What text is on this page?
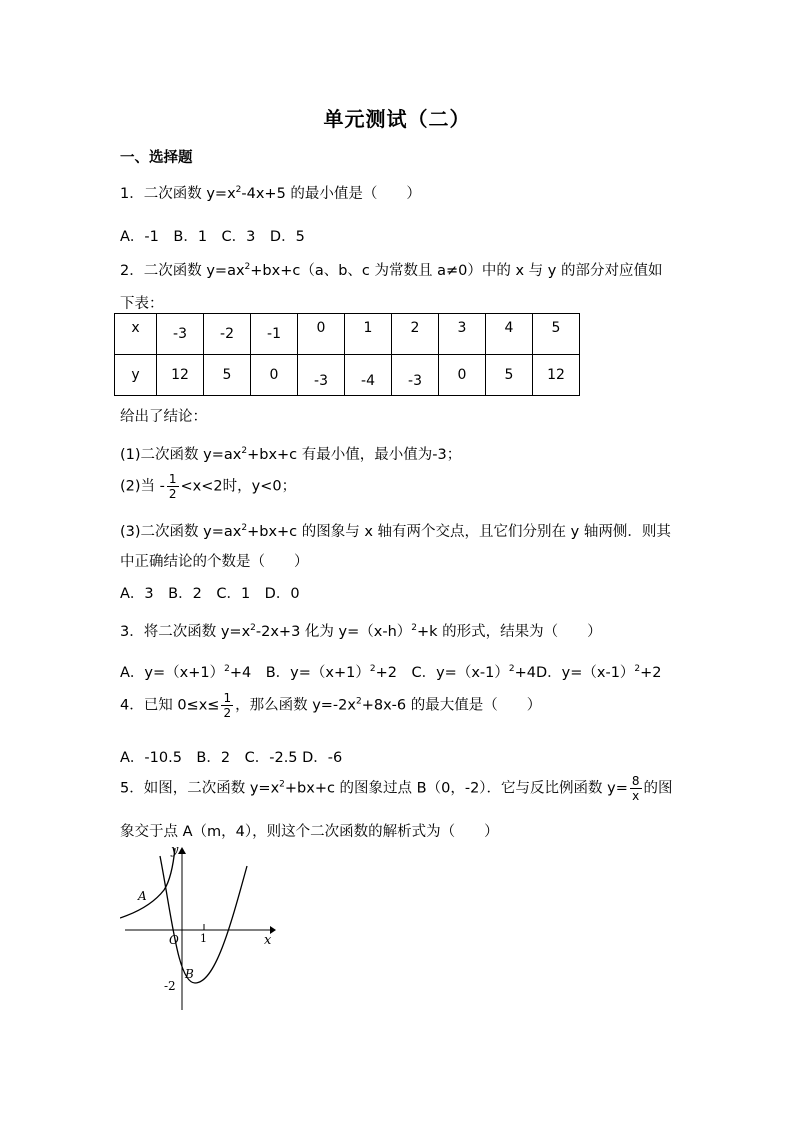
单元测试（二）
一、选择题
1．二次函数 $y=x^2-4x+5$ 的最小值是（　　）
A．-1　B．1　C．3　D．5
2．二次函数 $y=ax^2+bx+c(a$、b、c 为常数且 a≠0）中的 x 与 y 的部分对应值如
下表：
x	-3	-2	-1	0	1	2	3	4	5
y	12	5	0	-3	-4	-3	0	5	12
给出了结论：
(1)二次函数 $y=ax^2+bx+c$ 有最小值，最小值为-3；
(2)当 - $\frac{1}{2} <x<2$时，y<0；
(3)二次函数 $y=ax^2+bx+c$ 的图象与 x 轴有两个交点，且它们分别在 y 轴两侧．则其
中正确结论的个数是（　　）
A．3　B．2　C．1　D．0
3．将二次函数 $y=x^2-2x+3$ 化为 $y=(x-h)^2+k$ 的形式，结果为（　　）
A．$y=(x+1)^2+4$　B．$y=(x+1)^2+2$　C．$y=(x-1)^2+4D$．$y=(x-1)^2+2$
4．已知 $0\le x\le \frac{1}{2}$ ，那么函数 $y=-2x^2+8x-6$ 的最大值是（　　）
A．-10.5　B．2　C．-2.5 D．-6
5．如图，二次函数 $y=x^2+bx+c$ 的图象过点 B（0，-2）．它与反比例函数 $y= \frac{8}{x}$ 的图
象交于点 A（m，4），则这个二次函数的解析式为（　　）
y
x
O 1
A
B
-2
